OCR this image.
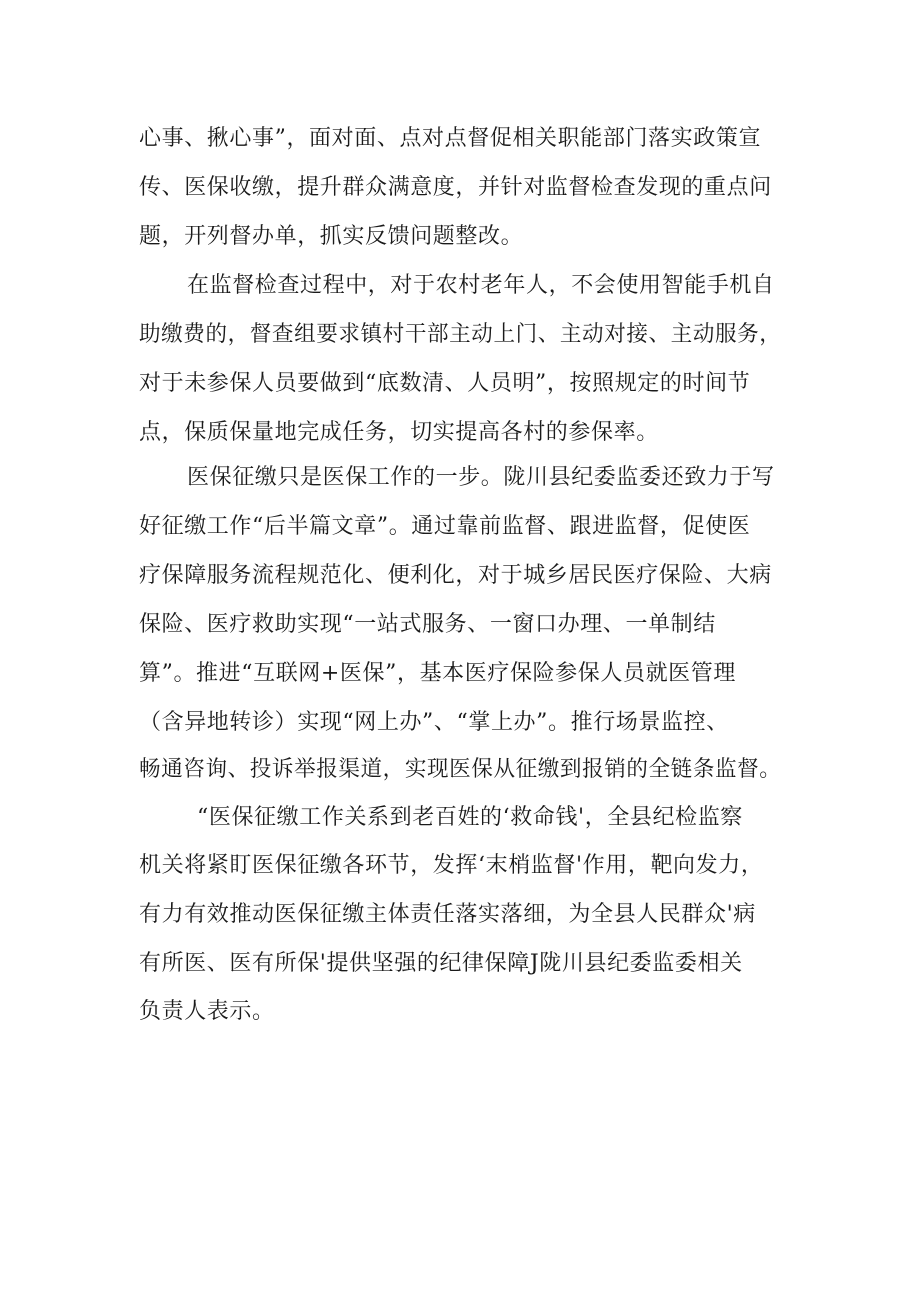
心事、揪心事”，面对面、点对点督促相关职能部门落实政策宣
传、医保收缴，提升群众满意度，并针对监督检查发现的重点问
题，开列督办单，抓实反馈问题整改。
在监督检查过程中，对于农村老年人，不会使用智能手机自
助缴费的，督查组要求镇村干部主动上门、主动对接、主动服务，
对于未参保人员要做到“底数清、人员明”，按照规定的时间节
点，保质保量地完成任务，切实提高各村的参保率。
医保征缴只是医保工作的一步。陇川县纪委监委还致力于写
好征缴工作“后半篇文章”。通过靠前监督、跟进监督，促使医
疗保障服务流程规范化、便利化，对于城乡居民医疗保险、大病
保险、医疗救助实现“一站式服务、一窗口办理、一单制结
算”。推进“互联网+医保”，基本医疗保险参保人员就医管理
（含异地转诊）实现“网上办”、“掌上办”。推行场景监控、
畅通咨询、投诉举报渠道，实现医保从征缴到报销的全链条监督。
“医保征缴工作关系到老百姓的‘救命钱'，全县纪检监察
机关将紧盯医保征缴各环节，发挥‘末梢监督'作用，靶向发力，
有力有效推动医保征缴主体责任落实落细，为全县人民群众'病
有所医、医有所保'提供坚强的纪律保障J陇川县纪委监委相关
负责人表示。
